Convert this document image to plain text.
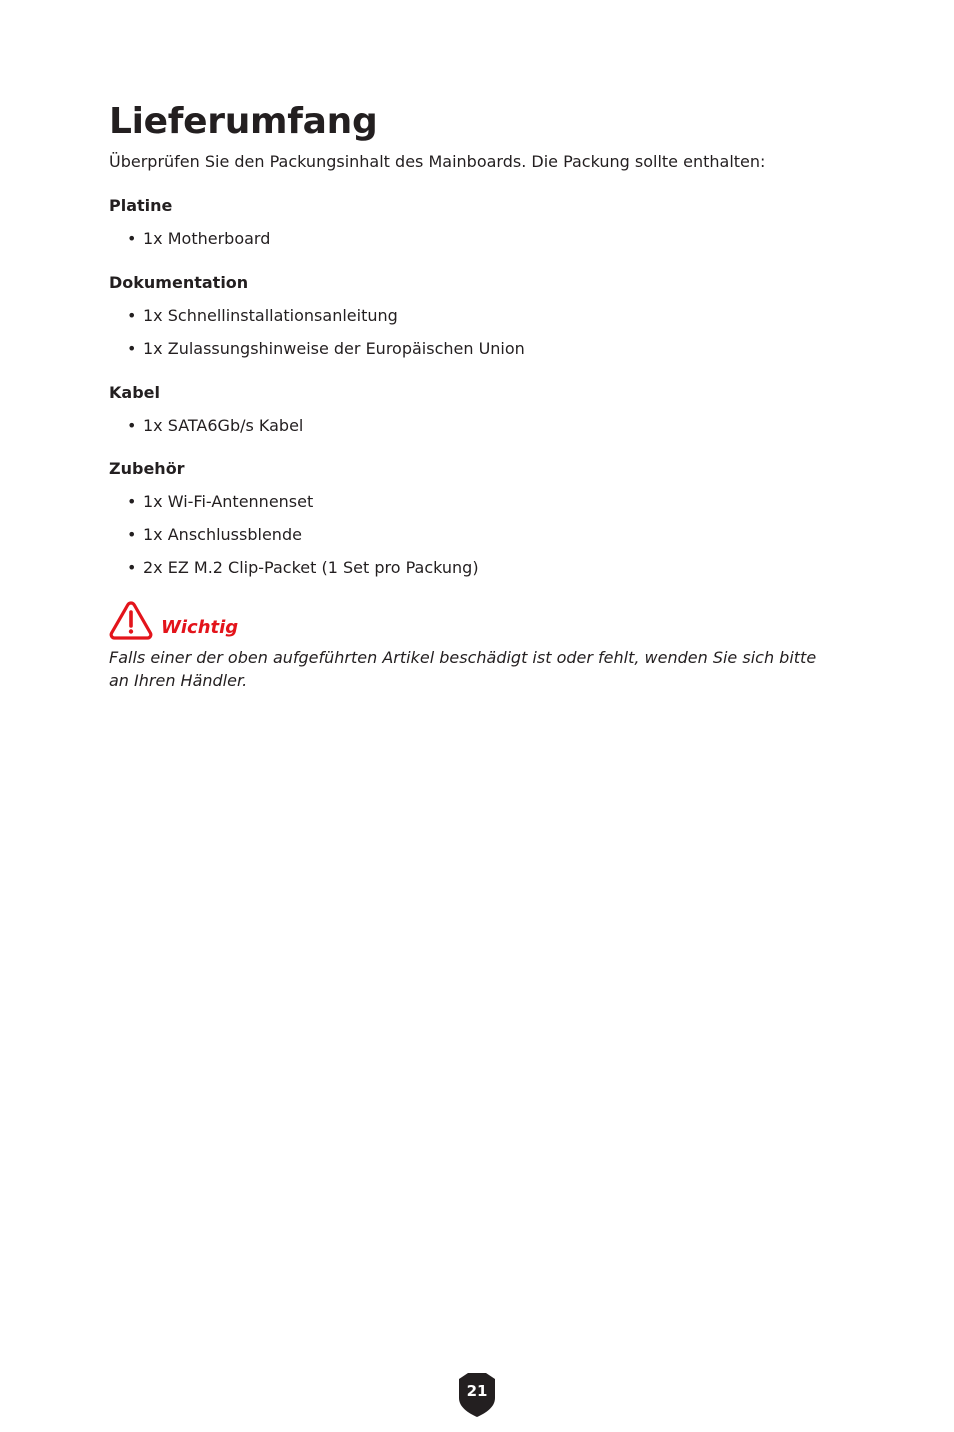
Lieferumfang

Überprüfen Sie den Packungsinhalt des Mainboards. Die Packung sollte enthalten:

Platine
• 1x Motherboard
Dokumentation
• 1x Schnellinstallationsanleitung
• 1x Zulassungshinweise der Europäischen Union
Kabel
• 1x SATA6Gb/s Kabel
Zubehör
• 1x Wi-Fi-Antennenset
• 1x Anschlussblende
• 2x EZ M.2 Clip-Packet (1 Set pro Packung)
Wichtig

Falls einer der oben aufgeführten Artikel beschädigt ist oder fehlt, wenden Sie sich bitte an Ihren Händler.

21
